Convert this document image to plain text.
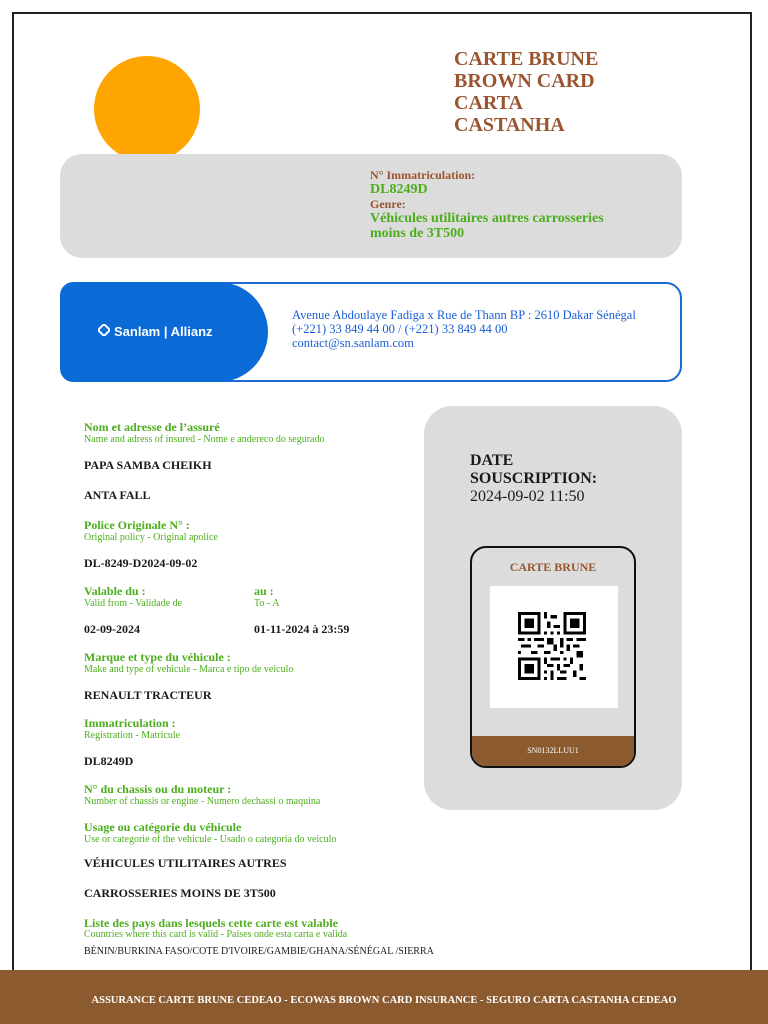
CARTE BRUNE
BROWN CARD
CARTA
CASTANHA
N° Immatriculation:
DL8249D
Genre:
Véhicules utilitaires autres carrosseries
moins de 3T500
Sanlam | Allianz
Avenue Abdoulaye Fadiga x Rue de Thann BP : 2610 Dakar Sénégal
(+221) 33 849 44 00 / (+221) 33 849 44 00
contact@sn.sanlam.com
Nom et adresse de l’assuré
Name and adress of insured - Nome e andereco do segurado
PAPA SAMBA CHEIKH
ANTA FALL
Police Originale N° :
Original policy - Original apolice
DL-8249-D2024-09-02
Valable du :
Valid from - Validade de
au :
To - A
02-09-2024	01-11-2024 à 23:59
Marque et type du véhicule :
Make and type of vehicule - Marca e tipo de veiculo
RENAULT TRACTEUR
Immatriculation :
Registration - Matricule
DL8249D
N° du chassis ou du moteur :
Number of chassis or engine - Numero dechassi o maquina
Usage ou catégorie du véhicule
Use or categorie of the vehicule - Usado o categoria do veiculo
VÉHICULES UTILITAIRES AUTRES
CARROSSERIES MOINS DE 3T500
Liste des pays dans lesquels cette carte est valable
Countries where this card is valid - Paises onde esta carta e valida
BÉNIN/BURKINA FASO/COTE D'IVOIRE/GAMBIE/GHANA/SÉNÉGAL /SIERRA
DATE
SOUSCRIPTION:
2024-09-02 11:50
CARTE BRUNE
SN0132LLUU1
ASSURANCE CARTE BRUNE CEDEAO - ECOWAS BROWN CARD INSURANCE - SEGURO CARTA CASTANHA CEDEAO
